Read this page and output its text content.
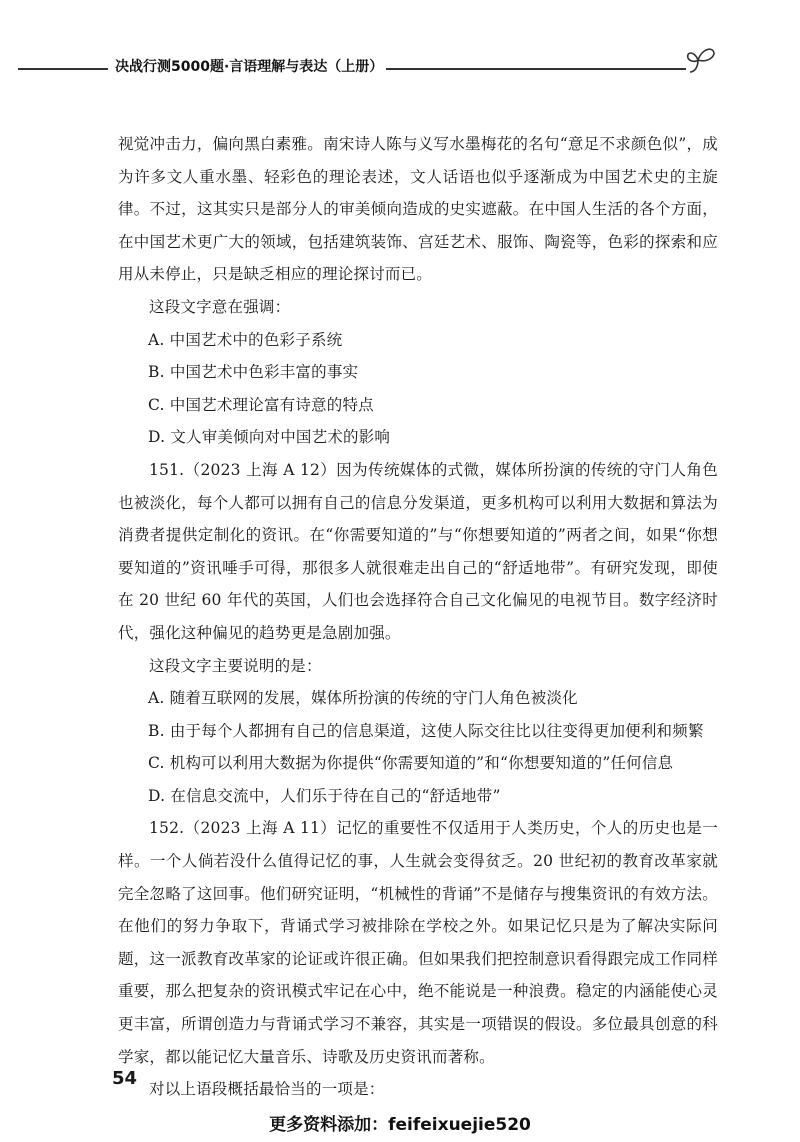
决战行测5000题·言语理解与表达（上册）

视觉冲击力，偏向黑白素雅。南宋诗人陈与义写水墨梅花的名句“意足不求颜色似”，成为许多文人重水墨、轻彩色的理论表述，文人话语也似乎逐渐成为中国艺术史的主旋律。不过，这其实只是部分人的审美倾向造成的史实遮蔽。在中国人生活的各个方面，在中国艺术更广大的领域，包括建筑装饰、宫廷艺术、服饰、陶瓷等，色彩的探索和应用从未停止，只是缺乏相应的理论探讨而已。

这段文字意在强调：

A. 中国艺术中的色彩子系统

B. 中国艺术中色彩丰富的事实

C. 中国艺术理论富有诗意的特点

D. 文人审美倾向对中国艺术的影响

151.（2023 上海 A 12）因为传统媒体的式微，媒体所扮演的传统的守门人角色也被淡化，每个人都可以拥有自己的信息分发渠道，更多机构可以利用大数据和算法为消费者提供定制化的资讯。在“你需要知道的”与“你想要知道的”两者之间，如果“你想要知道的”资讯唾手可得，那很多人就很难走出自己的“舒适地带”。有研究发现，即使在 20 世纪 60 年代的英国，人们也会选择符合自己文化偏见的电视节目。数字经济时代，强化这种偏见的趋势更是急剧加强。

这段文字主要说明的是：

A. 随着互联网的发展，媒体所扮演的传统的守门人角色被淡化

B. 由于每个人都拥有自己的信息渠道，这使人际交往比以往变得更加便利和频繁

C. 机构可以利用大数据为你提供“你需要知道的”和“你想要知道的”任何信息

D. 在信息交流中，人们乐于待在自己的“舒适地带”

152.（2023 上海 A 11）记忆的重要性不仅适用于人类历史，个人的历史也是一样。一个人倘若没什么值得记忆的事，人生就会变得贫乏。20 世纪初的教育改革家就完全忽略了这回事。他们研究证明，“机械性的背诵”不是储存与搜集资讯的有效方法。在他们的努力争取下，背诵式学习被排除在学校之外。如果记忆只是为了解决实际问题，这一派教育改革家的论证或许很正确。但如果我们把控制意识看得跟完成工作同样重要，那么把复杂的资讯模式牢记在心中，绝不能说是一种浪费。稳定的内涵能使心灵更丰富，所谓创造力与背诵式学习不兼容，其实是一项错误的假设。多位最具创意的科学家，都以能记忆大量音乐、诗歌及历史资讯而著称。

对以上语段概括最恰当的一项是：

54
更多资料添加：feifeixuejie520
